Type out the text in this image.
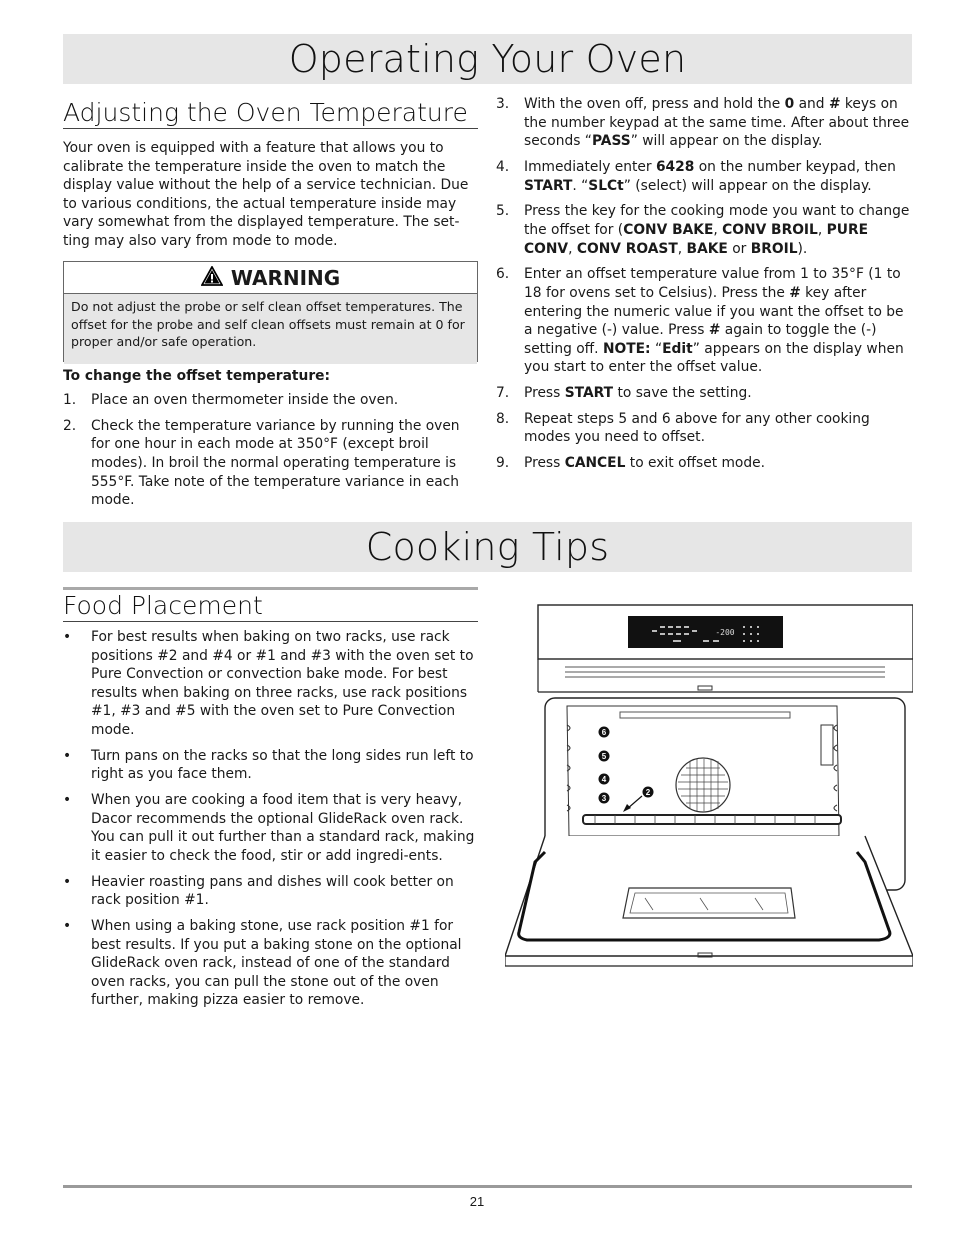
Operating Your Oven
Adjusting the Oven Temperature

Your oven is equipped with a feature that allows you to calibrate the temperature inside the oven to match the display value without the help of a service technician. Due to various conditions, the actual temperature inside may vary somewhat from the displayed temperature. The set-ting may also vary from mode to mode.

WARNING
Do not adjust the probe or self clean offset temperatures. The offset for the probe and self clean offsets must remain at 0 for proper and/or safe operation.
To change the offset temperature:
1. Place an oven thermometer inside the oven.
2. Check the temperature variance by running the oven for one hour in each mode at 350°F (except broil modes). In broil the normal operating temperature is 555°F. Take note of the temperature variance in each mode.
3. With the oven off, press and hold the 0 and # keys on the number keypad at the same time. After about three seconds “PASS” will appear on the display.
4. Immediately enter 6428 on the number keypad, then START. “SLCt” (select) will appear on the display.
5. Press the key for the cooking mode you want to change the offset for (CONV BAKE, CONV BROIL, PURE CONV, CONV ROAST, BAKE or BROIL).
6. Enter an offset temperature value from 1 to 35°F (1 to 18 for ovens set to Celsius). Press the # key after entering the numeric value if you want the offset to be a negative (-) value. Press # again to toggle the (-) setting off. NOTE: “Edit” appears on the display when you start to enter the offset value.
7. Press START to save the setting.
8. Repeat steps 5 and 6 above for any other cooking modes you need to offset.
9. Press CANCEL to exit offset mode.
Cooking Tips
Food Placement
• For best results when baking on two racks, use rack positions #2 and #4 or #1 and #3 with the oven set to Pure Convection or convection bake mode. For best results when baking on three racks, use rack positions #1, #3 and #5 with the oven set to Pure Convection mode.
• Turn pans on the racks so that the long sides run left to right as you face them.
• When you are cooking a food item that is very heavy, Dacor recommends the optional GlideRack oven rack. You can pull it out further than a standard rack, making it easier to check the food, stir or add ingredi-ents.
• Heavier roasting pans and dishes will cook better on rack position #1.
• When using a baking stone, use rack position #1 for best results. If you put a baking stone on the optional GlideRack oven rack, instead of one of the standard oven racks, you can pull the stone out of the oven further, making pizza easier to remove.
-200
6
5
4
3
2
21
